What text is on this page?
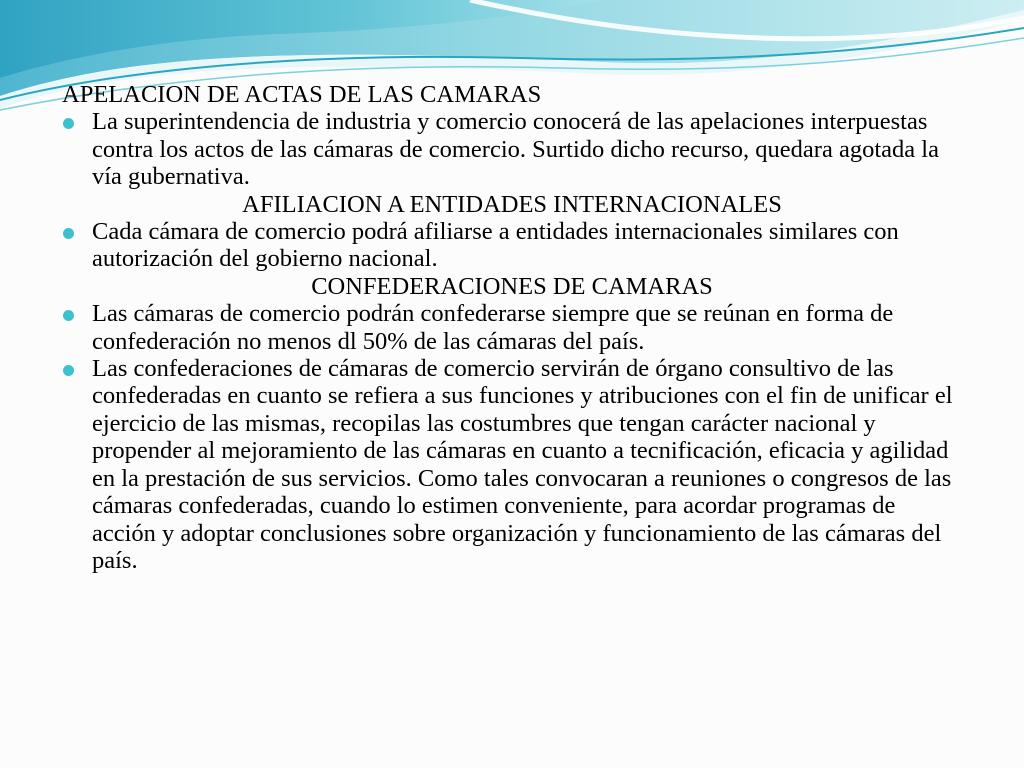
APELACION DE ACTAS DE LAS CAMARAS

La superintendencia de industria y comercio conocerá de las apelaciones interpuestas contra los actos de las cámaras de comercio. Surtido dicho recurso, quedara agotada la vía gubernativa.

AFILIACION A ENTIDADES INTERNACIONALES

Cada cámara de comercio podrá afiliarse a entidades internacionales similares con autorización del gobierno nacional.

CONFEDERACIONES DE CAMARAS

Las cámaras de comercio podrán confederarse siempre que se reúnan en forma de confederación no menos dl 50% de las cámaras del país.
Las confederaciones de cámaras de comercio servirán de órgano consultivo de las confederadas en cuanto se refiera a sus funciones y atribuciones con el fin de unificar el ejercicio de las mismas, recopilas las costumbres que tengan carácter nacional y propender al mejoramiento de las cámaras en cuanto a tecnificación, eficacia y agilidad en la prestación de sus servicios. Como tales convocaran a reuniones o congresos de las cámaras confederadas, cuando lo estimen conveniente, para acordar programas de acción y adoptar conclusiones sobre organización y funcionamiento de las cámaras del país.
